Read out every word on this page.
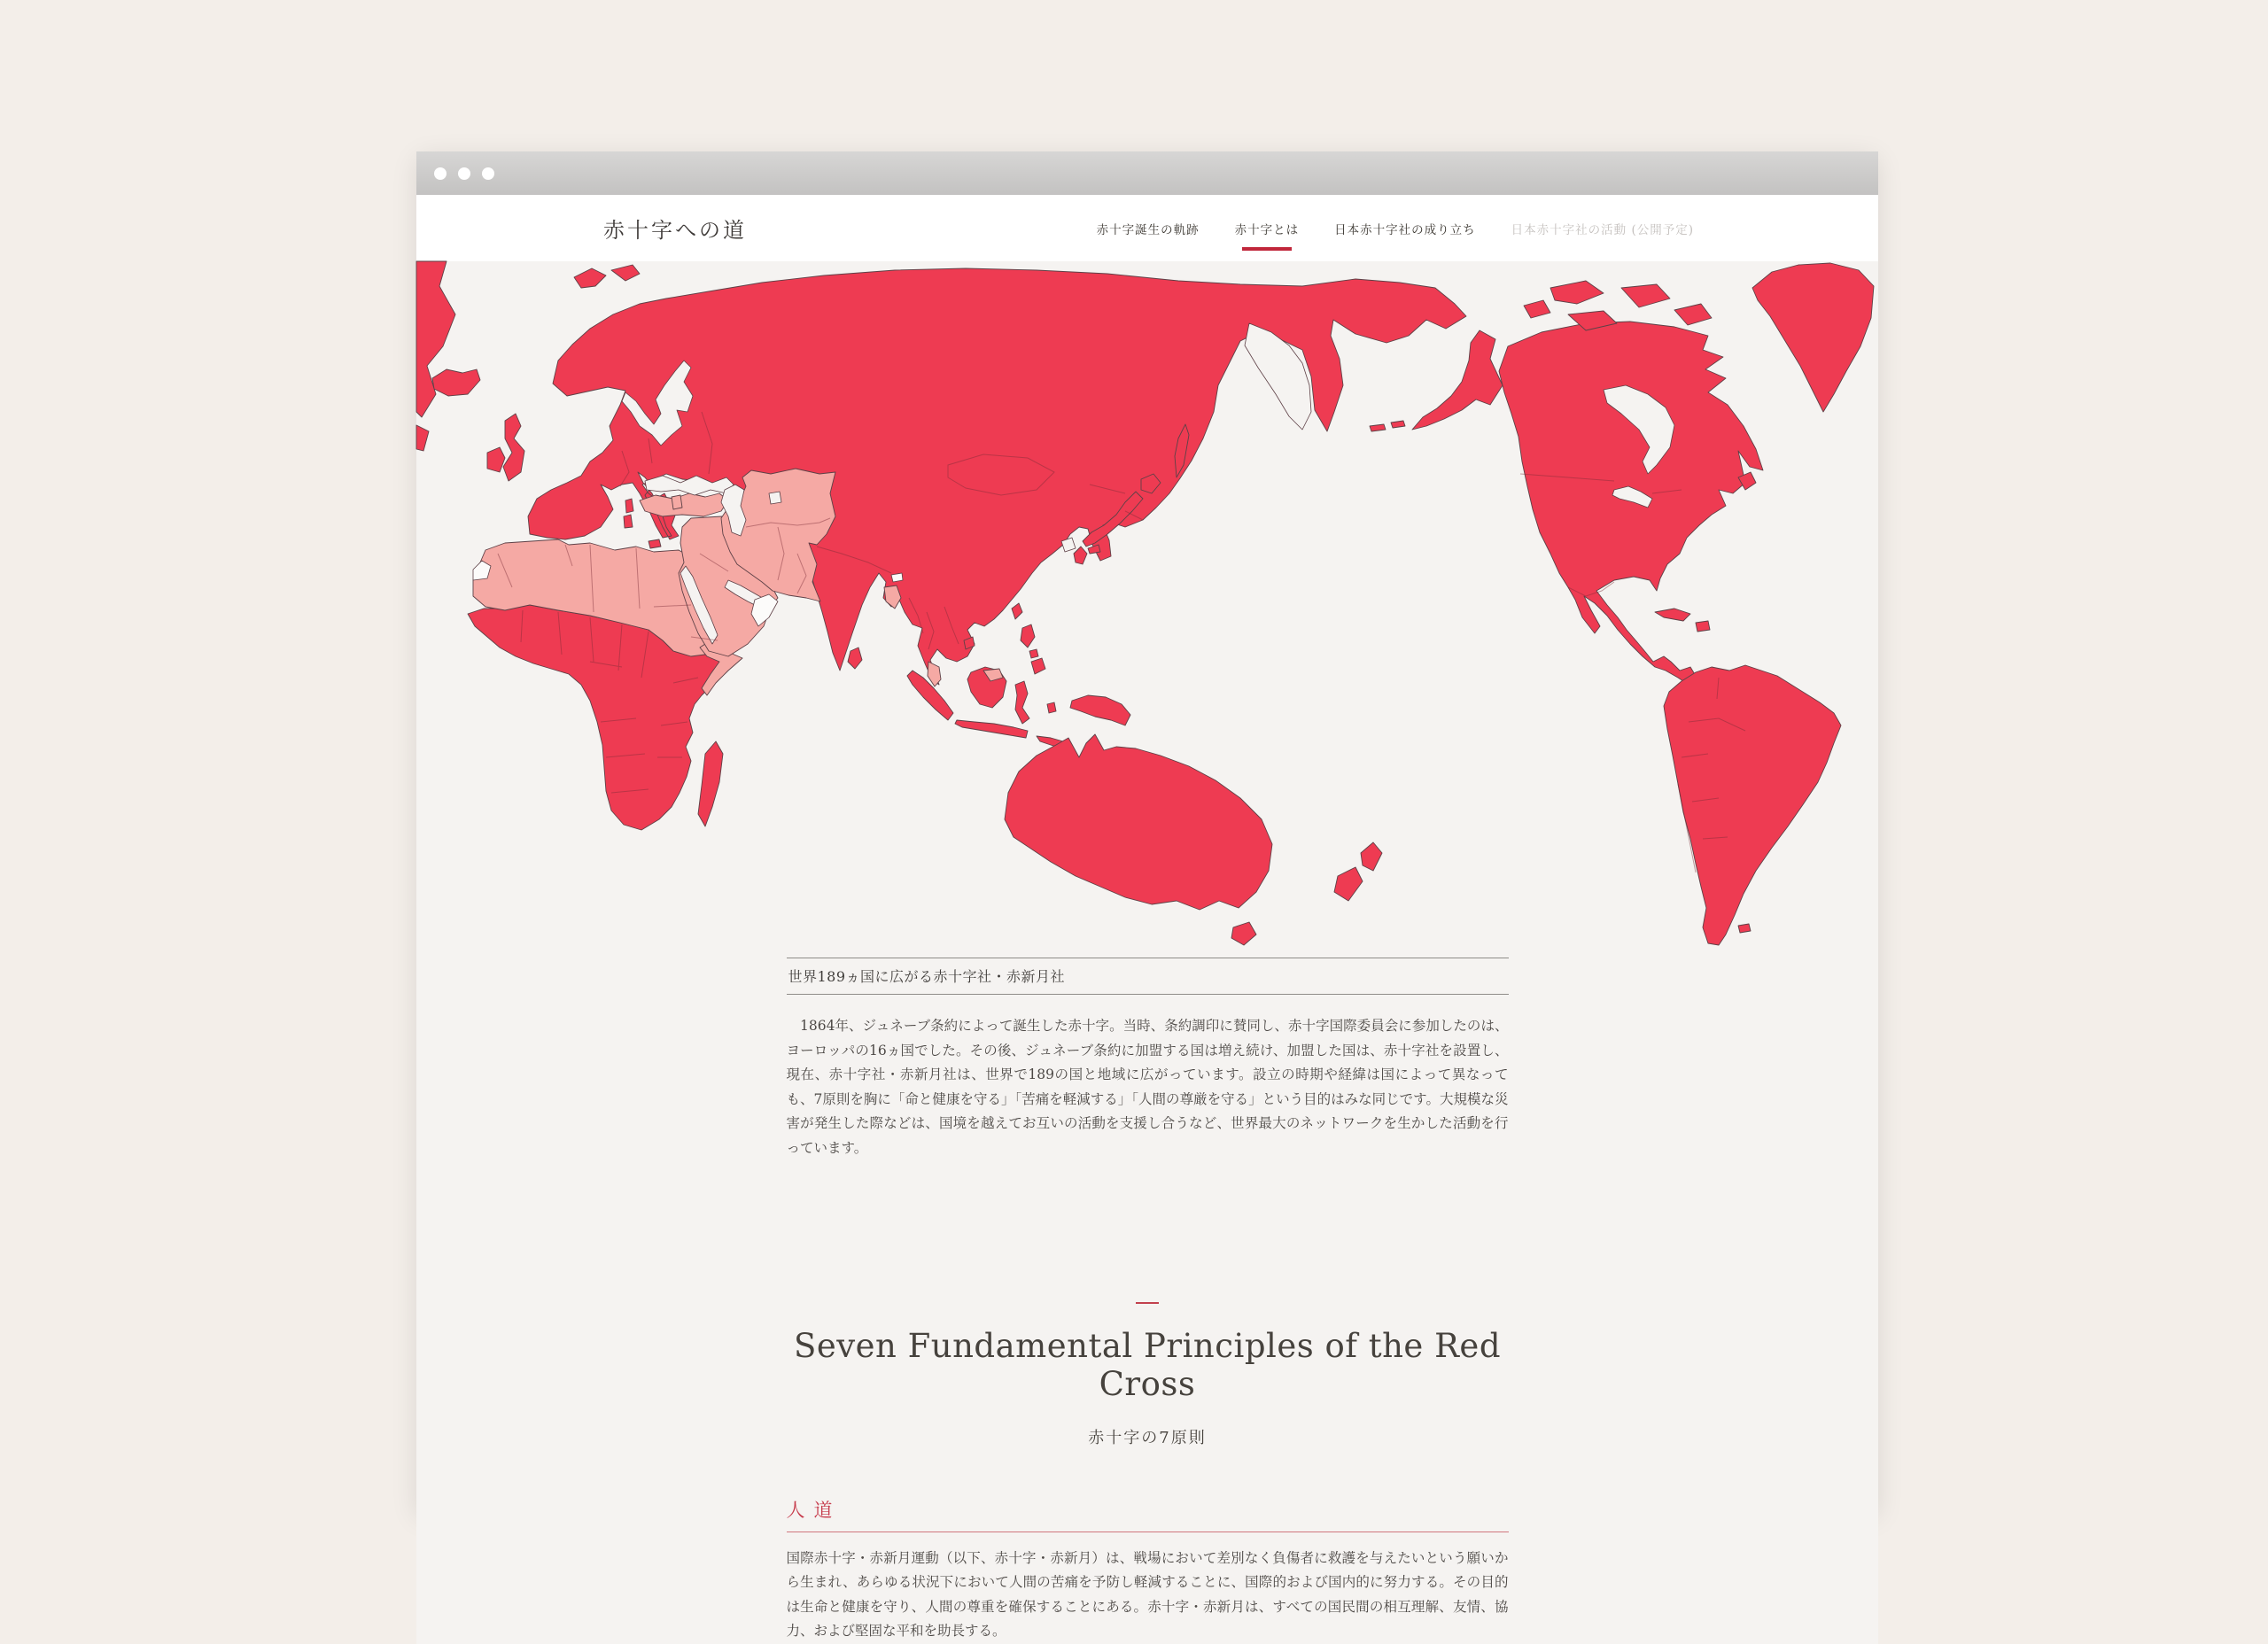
赤十字への道	赤十字誕生の軌跡	赤十字とは	日本赤十字社の成り立ち	日本赤十字社の活動 (公開予定)
世界189ヵ国に広がる赤十字社・赤新月社

　1864年、ジュネーブ条約によって誕生した赤十字。当時、条約調印に賛同し、赤十字国際委員会に参加したのは、ヨーロッパの16ヵ国でした。その後、ジュネーブ条約に加盟する国は増え続け、加盟した国は、赤十字社を設置し、現在、赤十字社・赤新月社は、世界で189の国と地域に広がっています。設立の時期や経緯は国によって異なっても、7原則を胸に「命と健康を守る」「苦痛を軽減する」「人間の尊厳を守る」という目的はみな同じです。大規模な災害が発生した際などは、国境を越えてお互いの活動を支援し合うなど、世界最大のネットワークを生かした活動を行っています。

Seven Fundamental Principles of the Red Cross
赤十字の7原則
人道

国際赤十字・赤新月運動（以下、赤十字・赤新月）は、戦場において差別なく負傷者に救護を与えたいという願いから生まれ、あらゆる状況下において人間の苦痛を予防し軽減することに、国際的および国内的に努力する。その目的は生命と健康を守り、人間の尊重を確保することにある。赤十字・赤新月は、すべての国民間の相互理解、友情、協力、および堅固な平和を助長する。
